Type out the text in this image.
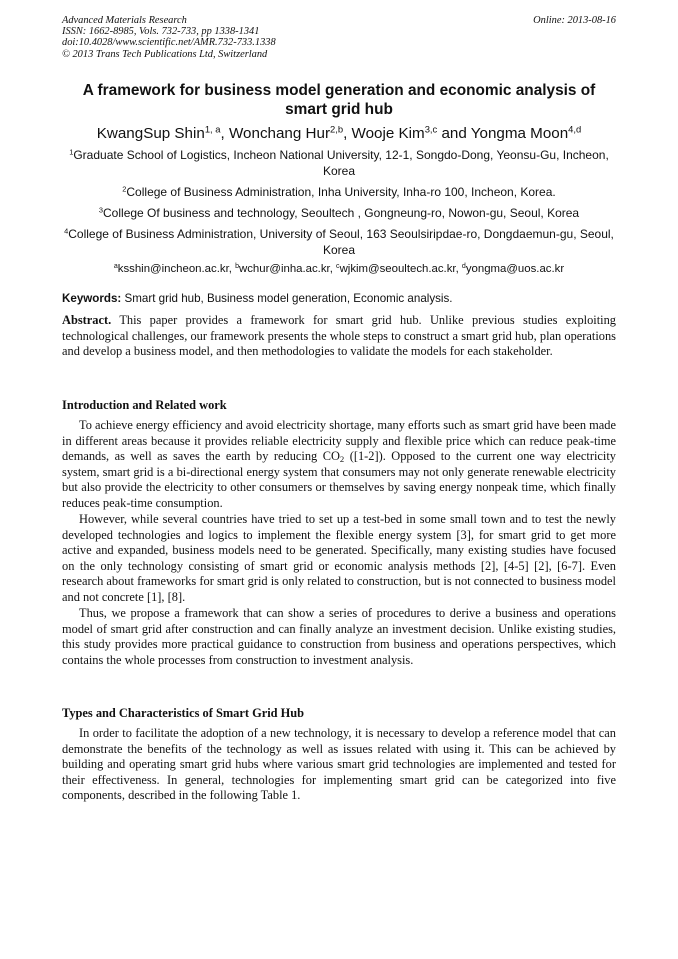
Advanced Materials Research
ISSN: 1662-8985, Vols. 732-733, pp 1338-1341
doi:10.4028/www.scientific.net/AMR.732-733.1338
© 2013 Trans Tech Publications Ltd, Switzerland
Online: 2013-08-16
A framework for business model generation and economic analysis of smart grid hub
KwangSup Shin$^{1, a}$, Wonchang Hur$^{2,b}$, Wooje Kim$^{3,c}$ and Yongma Moon$^{4,d}$
$^1$Graduate School of Logistics, Incheon National University, 12-1, Songdo-Dong, Yeonsu-Gu, Incheon, Korea
$^2$College of Business Administration, Inha University, Inha-ro 100, Incheon, Korea.
$^3$College Of business and technology, Seoultech , Gongneung-ro, Nowon-gu, Seoul, Korea
$^4$College of Business Administration, University of Seoul, 163 Seoulsiripdae-ro, Dongdaemun-gu, Seoul, Korea
$^a$ksshin@incheon.ac.kr, $^b$wchur@inha.ac.kr, $^c$wjkim@seoultech.ac.kr, $^d$yongma@uos.ac.kr
Keywords: Smart grid hub, Business model generation, Economic analysis.
Abstract. This paper provides a framework for smart grid hub. Unlike previous studies exploiting technological challenges, our framework presents the whole steps to construct a smart grid hub, plan operations and develop a business model, and then methodologies to validate the models for each stakeholder.
Introduction and Related work
To achieve energy efficiency and avoid electricity shortage, many efforts such as smart grid have been made in different areas because it provides reliable electricity supply and flexible price which can reduce peak-time demands, as well as saves the earth by reducing $CO_2$ ([1-2]). Opposed to the current one way electricity system, smart grid is a bi-directional energy system that consumers may not only generate renewable electricity but also provide the electricity to other consumers or themselves by saving energy nonpeak time, which finally reduces peak-time consumption.
However, while several countries have tried to set up a test-bed in some small town and to test the newly developed technologies and logics to implement the flexible energy system [3], for smart grid to get more active and expanded, business models need to be generated. Specifically, many existing studies have focused on the only technology consisting of smart grid or economic analysis methods [2], [4-5] [2], [6-7]. Even research about frameworks for smart grid is only related to construction, but is not connected to business model and not concrete [1], [8].
Thus, we propose a framework that can show a series of procedures to derive a business and operations model of smart grid after construction and can finally analyze an investment decision. Unlike existing studies, this study provides more practical guidance to construction from business and operations perspectives, which contains the whole processes from construction to investment analysis.
Types and Characteristics of Smart Grid Hub
In order to facilitate the adoption of a new technology, it is necessary to develop a reference model that can demonstrate the benefits of the technology as well as issues related with using it. This can be achieved by building and operating smart grid hubs where various smart grid technologies are implemented and tested for their effectiveness. In general, technologies for implementing smart grid can be categorized into five components, described in the following Table 1.
